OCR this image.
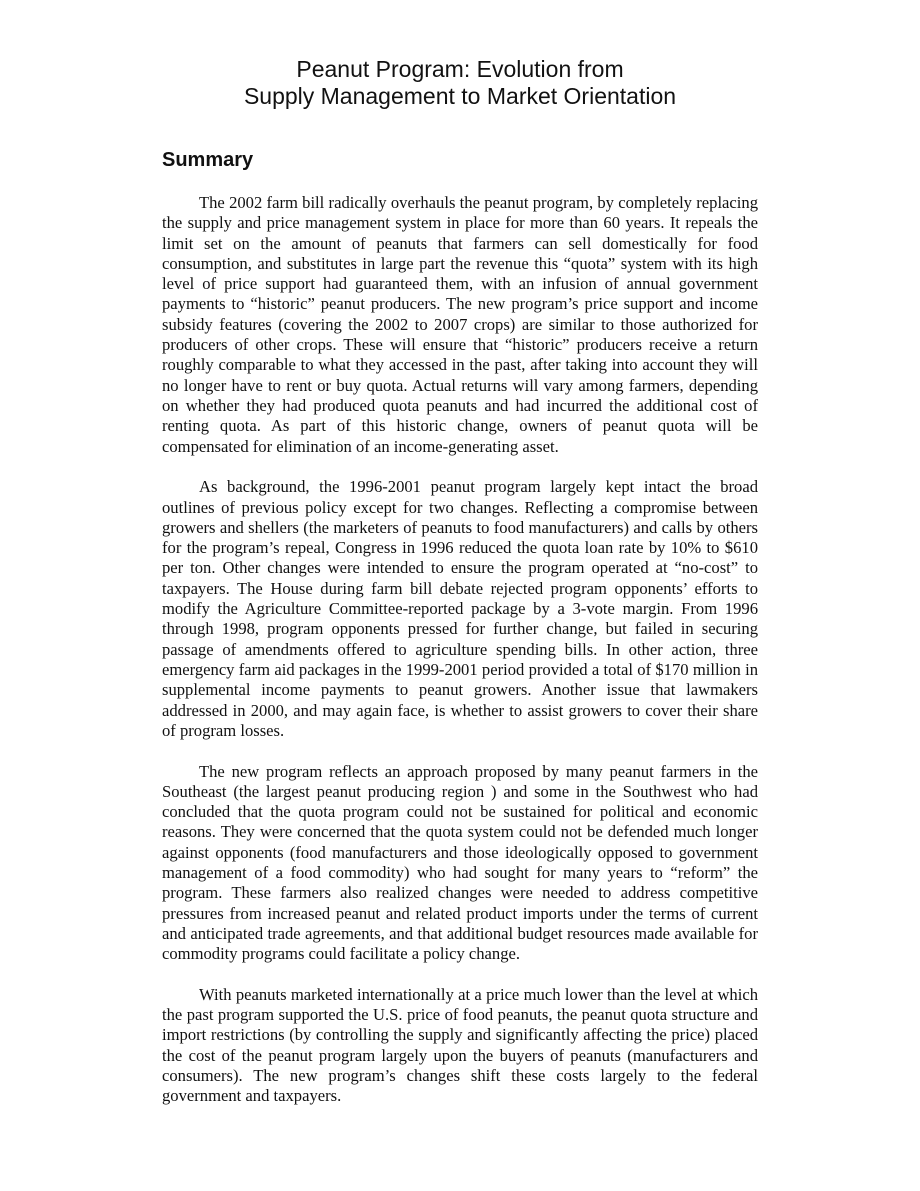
Peanut Program: Evolution from
Supply Management to Market Orientation
Summary

The 2002 farm bill radically overhauls the peanut program, by completely replacing the supply and price management system in place for more than 60 years. It repeals the limit set on the amount of peanuts that farmers can sell domestically for food consumption, and substitutes in large part the revenue this “quota” system with its high level of price support had guaranteed them, with an infusion of annual government payments to “historic” peanut producers. The new program’s price support and income subsidy features (covering the 2002 to 2007 crops) are similar to those authorized for producers of other crops. These will ensure that “historic” producers receive a return roughly comparable to what they accessed in the past, after taking into account they will no longer have to rent or buy quota. Actual returns will vary among farmers, depending on whether they had produced quota peanuts and had incurred the additional cost of renting quota. As part of this historic change, owners of peanut quota will be compensated for elimination of an income-generating asset.

As background, the 1996-2001 peanut program largely kept intact the broad outlines of previous policy except for two changes. Reflecting a compromise between growers and shellers (the marketers of peanuts to food manufacturers) and calls by others for the program’s repeal, Congress in 1996 reduced the quota loan rate by 10% to $610 per ton. Other changes were intended to ensure the program operated at “no-cost” to taxpayers. The House during farm bill debate rejected program opponents’ efforts to modify the Agriculture Committee-reported package by a 3-vote margin. From 1996 through 1998, program opponents pressed for further change, but failed in securing passage of amendments offered to agriculture spending bills. In other action, three emergency farm aid packages in the 1999-2001 period provided a total of $170 million in supplemental income payments to peanut growers. Another issue that lawmakers addressed in 2000, and may again face, is whether to assist growers to cover their share of program losses.

The new program reflects an approach proposed by many peanut farmers in the Southeast (the largest peanut producing region ) and some in the Southwest who had concluded that the quota program could not be sustained for political and economic reasons. They were concerned that the quota system could not be defended much longer against opponents (food manufacturers and those ideologically opposed to government management of a food commodity) who had sought for many years to “reform” the program. These farmers also realized changes were needed to address competitive pressures from increased peanut and related product imports under the terms of current and anticipated trade agreements, and that additional budget resources made available for commodity programs could facilitate a policy change.

With peanuts marketed internationally at a price much lower than the level at which the past program supported the U.S. price of food peanuts, the peanut quota structure and import restrictions (by controlling the supply and significantly affecting the price) placed the cost of the peanut program largely upon the buyers of peanuts (manufacturers and consumers). The new program’s changes shift these costs largely to the federal government and taxpayers.
